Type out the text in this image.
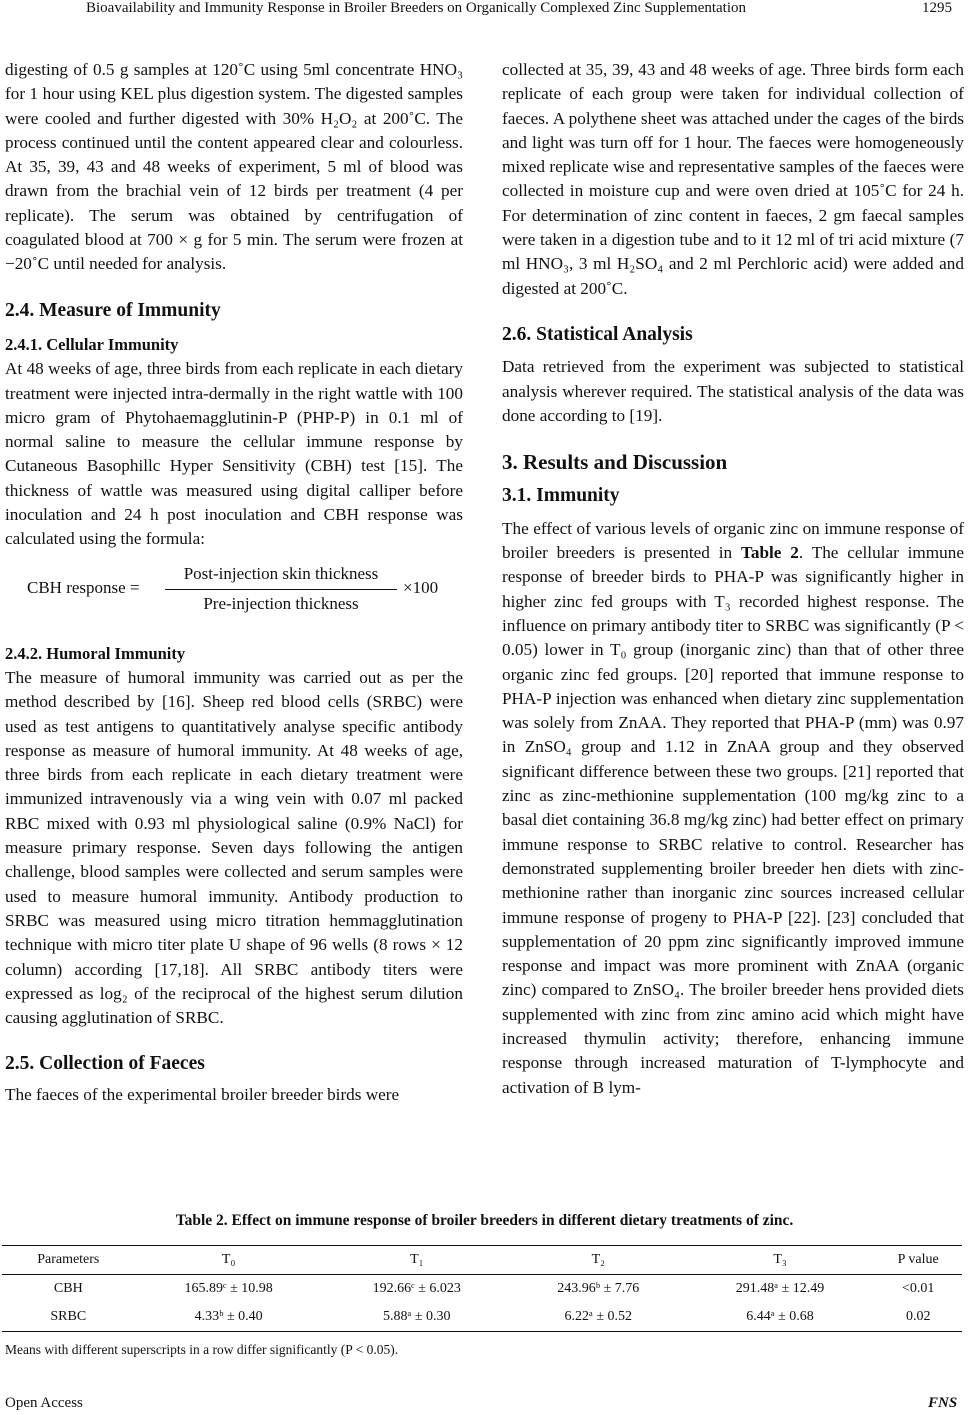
Bioavailability and Immunity Response in Broiler Breeders on Organically Complexed Zinc Supplementation	1295

digesting of 0.5 g samples at 120˚C using 5ml concentrate HNO₃ for 1 hour using KEL plus digestion system. The digested samples were cooled and further digested with 30% H₂O₂ at 200˚C. The process continued until the content appeared clear and colourless. At 35, 39, 43 and 48 weeks of experiment, 5 ml of blood was drawn from the brachial vein of 12 birds per treatment (4 per replicate). The serum was obtained by centrifugation of coagulated blood at 700 × g for 5 min. The serum were frozen at −20˚C until needed for analysis.

2.4. Measure of Immunity

2.4.1. Cellular Immunity

At 48 weeks of age, three birds from each replicate in each dietary treatment were injected intra-dermally in the right wattle with 100 micro gram of Phytohaemagglutinin-P (PHP-P) in 0.1 ml of normal saline to measure the cellular immune response by Cutaneous Basophillc Hyper Sensitivity (CBH) test [15]. The thickness of wattle was measured using digital calliper before inoculation and 24 h post inoculation and CBH response was calculated using the formula:

CBH response =
Post-injection skin thickness
Pre-injection thickness
×100

2.4.2. Humoral Immunity

The measure of humoral immunity was carried out as per the method described by [16]. Sheep red blood cells (SRBC) were used as test antigens to quantitatively analyse specific antibody response as measure of humoral immunity. At 48 weeks of age, three birds from each replicate in each dietary treatment were immunized intravenously via a wing vein with 0.07 ml packed RBC mixed with 0.93 ml physiological saline (0.9% NaCl) for measure primary response. Seven days following the antigen challenge, blood samples were collected and serum samples were used to measure humoral immunity. Antibody production to SRBC was measured using micro titration hemmagglutination technique with micro titer plate U shape of 96 wells (8 rows × 12 column) according [17,18]. All SRBC antibody titers were expressed as log₂ of the reciprocal of the highest serum dilution causing agglutination of SRBC.

2.5. Collection of Faeces

The faeces of the experimental broiler breeder birds were

collected at 35, 39, 43 and 48 weeks of age. Three birds form each replicate of each group were taken for individual collection of faeces. A polythene sheet was attached under the cages of the birds and light was turn off for 1 hour. The faeces were homogeneously mixed replicate wise and representative samples of the faeces were collected in moisture cup and were oven dried at 105˚C for 24 h. For determination of zinc content in faeces, 2 gm faecal samples were taken in a digestion tube and to it 12 ml of tri acid mixture (7 ml HNO₃, 3 ml H₂SO₄ and 2 ml Perchloric acid) were added and digested at 200˚C.

2.6. Statistical Analysis

Data retrieved from the experiment was subjected to statistical analysis wherever required. The statistical analysis of the data was done according to [19].

3. Results and Discussion

3.1. Immunity

The effect of various levels of organic zinc on immune response of broiler breeders is presented in Table 2. The cellular immune response of breeder birds to PHA-P was significantly higher in higher zinc fed groups with T₃ recorded highest response. The influence on primary antibody titer to SRBC was significantly (P < 0.05) lower in T₀ group (inorganic zinc) than that of other three organic zinc fed groups. [20] reported that immune response to PHA-P injection was enhanced when dietary zinc supplementation was solely from ZnAA. They reported that PHA-P (mm) was 0.97 in ZnSO₄ group and 1.12 in ZnAA group and they observed significant difference between these two groups. [21] reported that zinc as zinc-methionine supplementation (100 mg/kg zinc to a basal diet containing 36.8 mg/kg zinc) had better effect on primary immune response to SRBC relative to control. Researcher has demonstrated supplementing broiler breeder hen diets with zinc-methionine rather than inorganic zinc sources increased cellular immune response of progeny to PHA-P [22]. [23] concluded that supplementation of 20 ppm zinc significantly improved immune response and impact was more prominent with ZnAA (organic zinc) compared to ZnSO₄. The broiler breeder hens provided diets supplemented with zinc from zinc amino acid which might have increased thymulin activity; therefore, enhancing immune response through increased maturation of T-lymphocyte and activation of B lym-

Table 2. Effect on immune response of broiler breeders in different dietary treatments of zinc.
Parameters	T₀	T₁	T₂	T₃	P value
CBH	165.89ᶜ ± 10.98	192.66ᶜ ± 6.023	243.96ᵇ ± 7.76	291.48ᵃ ± 12.49	<0.01
SRBC	4.33ᵇ ± 0.40	5.88ᵃ ± 0.30	6.22ᵃ ± 0.52	6.44ᵃ ± 0.68	0.02
Means with different superscripts in a row differ significantly (P < 0.05).
Open Access	FNS
